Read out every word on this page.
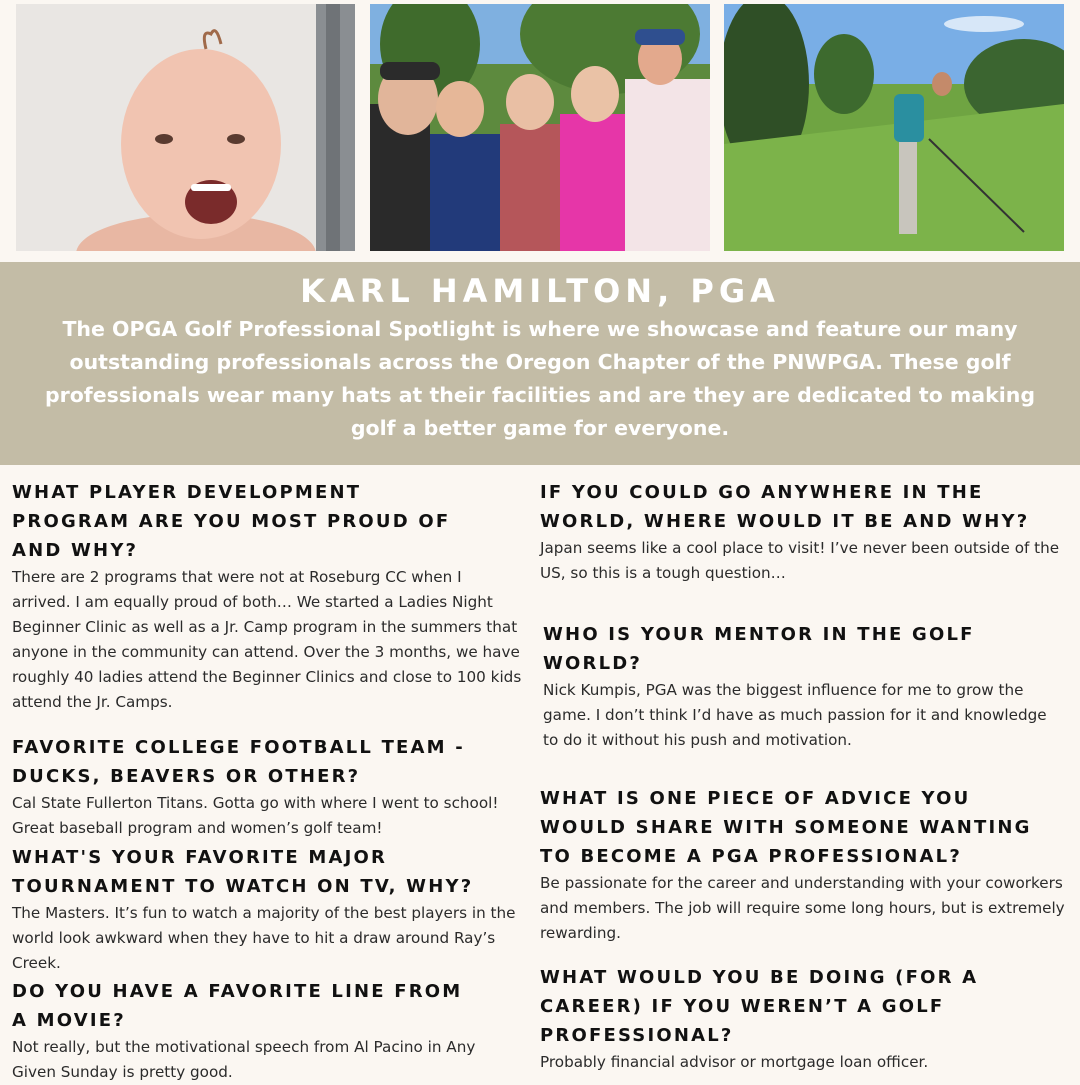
KARL HAMILTON, PGA

The OPGA Golf Professional Spotlight is where we showcase and feature our many outstanding professionals across the Oregon Chapter of the PNWPGA. These golf professionals wear many hats at their facilities and are they are dedicated to making golf a better game for everyone.

WHAT PLAYER DEVELOPMENT PROGRAM ARE YOU MOST PROUD OF AND WHY?

There are 2 programs that were not at Roseburg CC when I arrived. I am equally proud of both… We started a Ladies Night Beginner Clinic as well as a Jr. Camp program in the summers that anyone in the community can attend. Over the 3 months, we have roughly 40 ladies attend the Beginner Clinics and close to 100 kids attend the Jr. Camps.

FAVORITE COLLEGE FOOTBALL TEAM - DUCKS, BEAVERS OR OTHER?

Cal State Fullerton Titans. Gotta go with where I went to school! Great baseball program and women’s golf team!

WHAT'S YOUR FAVORITE MAJOR TOURNAMENT TO WATCH ON TV, WHY?

The Masters. It’s fun to watch a majority of the best players in the world look awkward when they have to hit a draw around Ray’s Creek.

DO YOU HAVE A FAVORITE LINE FROM A MOVIE?

Not really, but the motivational speech from Al Pacino in Any Given Sunday is pretty good.

IF YOU COULD GO ANYWHERE IN THE WORLD, WHERE WOULD IT BE AND WHY?

Japan seems like a cool place to visit! I’ve never been outside of the US, so this is a tough question…

WHO IS YOUR MENTOR IN THE GOLF WORLD?

Nick Kumpis, PGA was the biggest influence for me to grow the game. I don’t think I’d have as much passion for it and knowledge to do it without his push and motivation.

WHAT IS ONE PIECE OF ADVICE YOU WOULD SHARE WITH SOMEONE WANTING TO BECOME A PGA PROFESSIONAL?

Be passionate for the career and understanding with your coworkers and members. The job will require some long hours, but is extremely rewarding.

WHAT WOULD YOU BE DOING (FOR A CAREER) IF YOU WEREN’T A GOLF PROFESSIONAL?

Probably financial advisor or mortgage loan officer.
